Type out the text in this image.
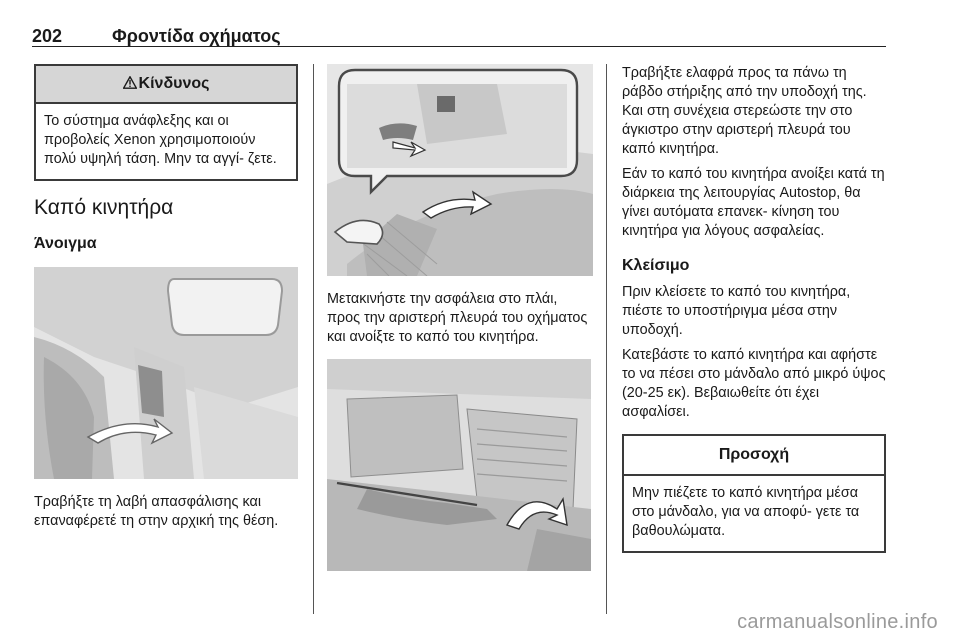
202	Φροντίδα οχήματος
Κίνδυνος
Το σύστημα ανάφλεξης και οι προβολείς Xenon χρησιμοποιούν πολύ υψηλή τάση. Μην τα αγγί- ζετε.
Καπό κινητήρα
Άνοιγμα

Τραβήξτε τη λαβή απασφάλισης και επαναφέρετέ τη στην αρχική της θέση.

Μετακινήστε την ασφάλεια στο πλάι, προς την αριστερή πλευρά του οχήματος και ανοίξτε το καπό του κινητήρα.

Τραβήξτε ελαφρά προς τα πάνω τη ράβδο στήριξης από την υποδοχή της. Και στη συνέχεια στερεώστε την στο άγκιστρο στην αριστερή πλευρά του καπό κινητήρα.

Εάν το καπό του κινητήρα ανοίξει κατά τη διάρκεια της λειτουργίας Autostop, θα γίνει αυτόματα επανεκ- κίνηση του κινητήρα για λόγους ασφαλείας.

Κλείσιμο

Πριν κλείσετε το καπό του κινητήρα, πιέστε το υποστήριγμα μέσα στην υποδοχή.

Κατεβάστε το καπό κινητήρα και αφήστε το να πέσει στο μάνδαλο από μικρό ύψος (20-25 εκ). Βεβαιωθείτε ότι έχει ασφαλίσει.

Προσοχή
Μην πιέζετε το καπό κινητήρα μέσα στο μάνδαλο, για να αποφύ- γετε τα βαθουλώματα.
carmanualsonline.info
